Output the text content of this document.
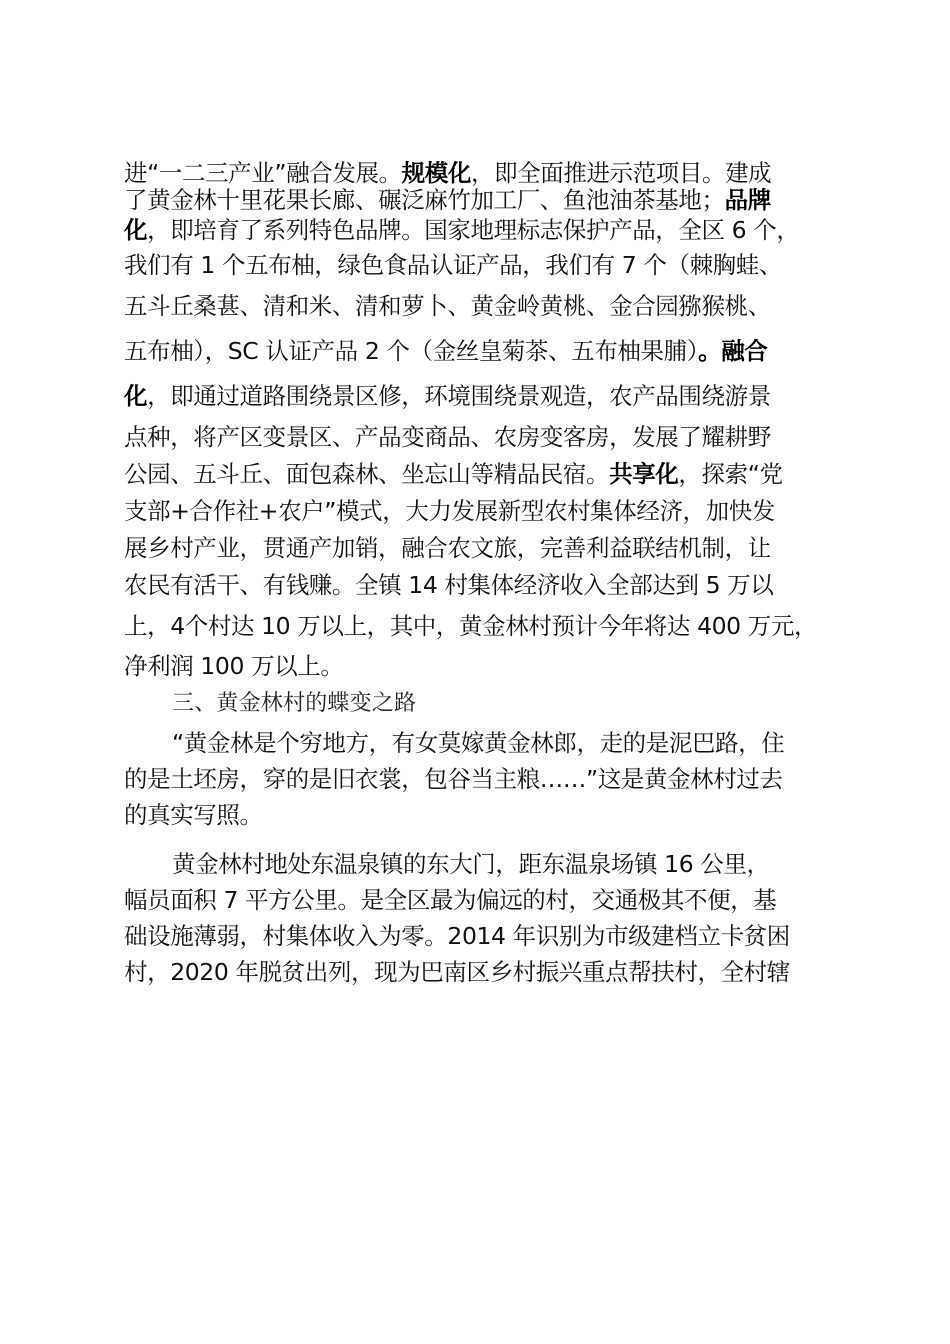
进“一二三产业”融合发展。规模化，即全面推进示范项目。建成
了黄金林十里花果长廊、碾泛麻竹加工厂、鱼池油茶基地；品牌
化，即培育了系列特色品牌。国家地理标志保护产品，全区 6 个，
我们有 1 个五布柚，绿色食品认证产品，我们有 7 个（棘胸蛙、
五斗丘桑葚、清和米、清和萝卜、黄金岭黄桃、金合园猕猴桃、
五布柚），SC 认证产品 2 个（金丝皇菊茶、五布柚果脯）。融合
化，即通过道路围绕景区修，环境围绕景观造，农产品围绕游景
点种，将产区变景区、产品变商品、农房变客房，发展了耀耕野
公园、五斗丘、面包森林、坐忘山等精品民宿。共享化，探索“党
支部+合作社+农户”模式，大力发展新型农村集体经济，加快发
展乡村产业，贯通产加销，融合农文旅，完善利益联结机制，让
农民有活干、有钱赚。全镇 14 村集体经济收入全部达到 5 万以
上，4个村达 10 万以上，其中，黄金林村预计今年将达 400 万元，
净利润 100 万以上。
三、黄金林村的蝶变之路
“黄金林是个穷地方，有女莫嫁黄金林郎，走的是泥巴路，住
的是土坯房，穿的是旧衣裳，包谷当主粮……”这是黄金林村过去
的真实写照。
黄金林村地处东温泉镇的东大门，距东温泉场镇 16 公里，
幅员面积 7 平方公里。是全区最为偏远的村，交通极其不便，基
础设施薄弱，村集体收入为零。2014 年识别为市级建档立卡贫困
村，2020 年脱贫出列，现为巴南区乡村振兴重点帮扶村，全村辖
